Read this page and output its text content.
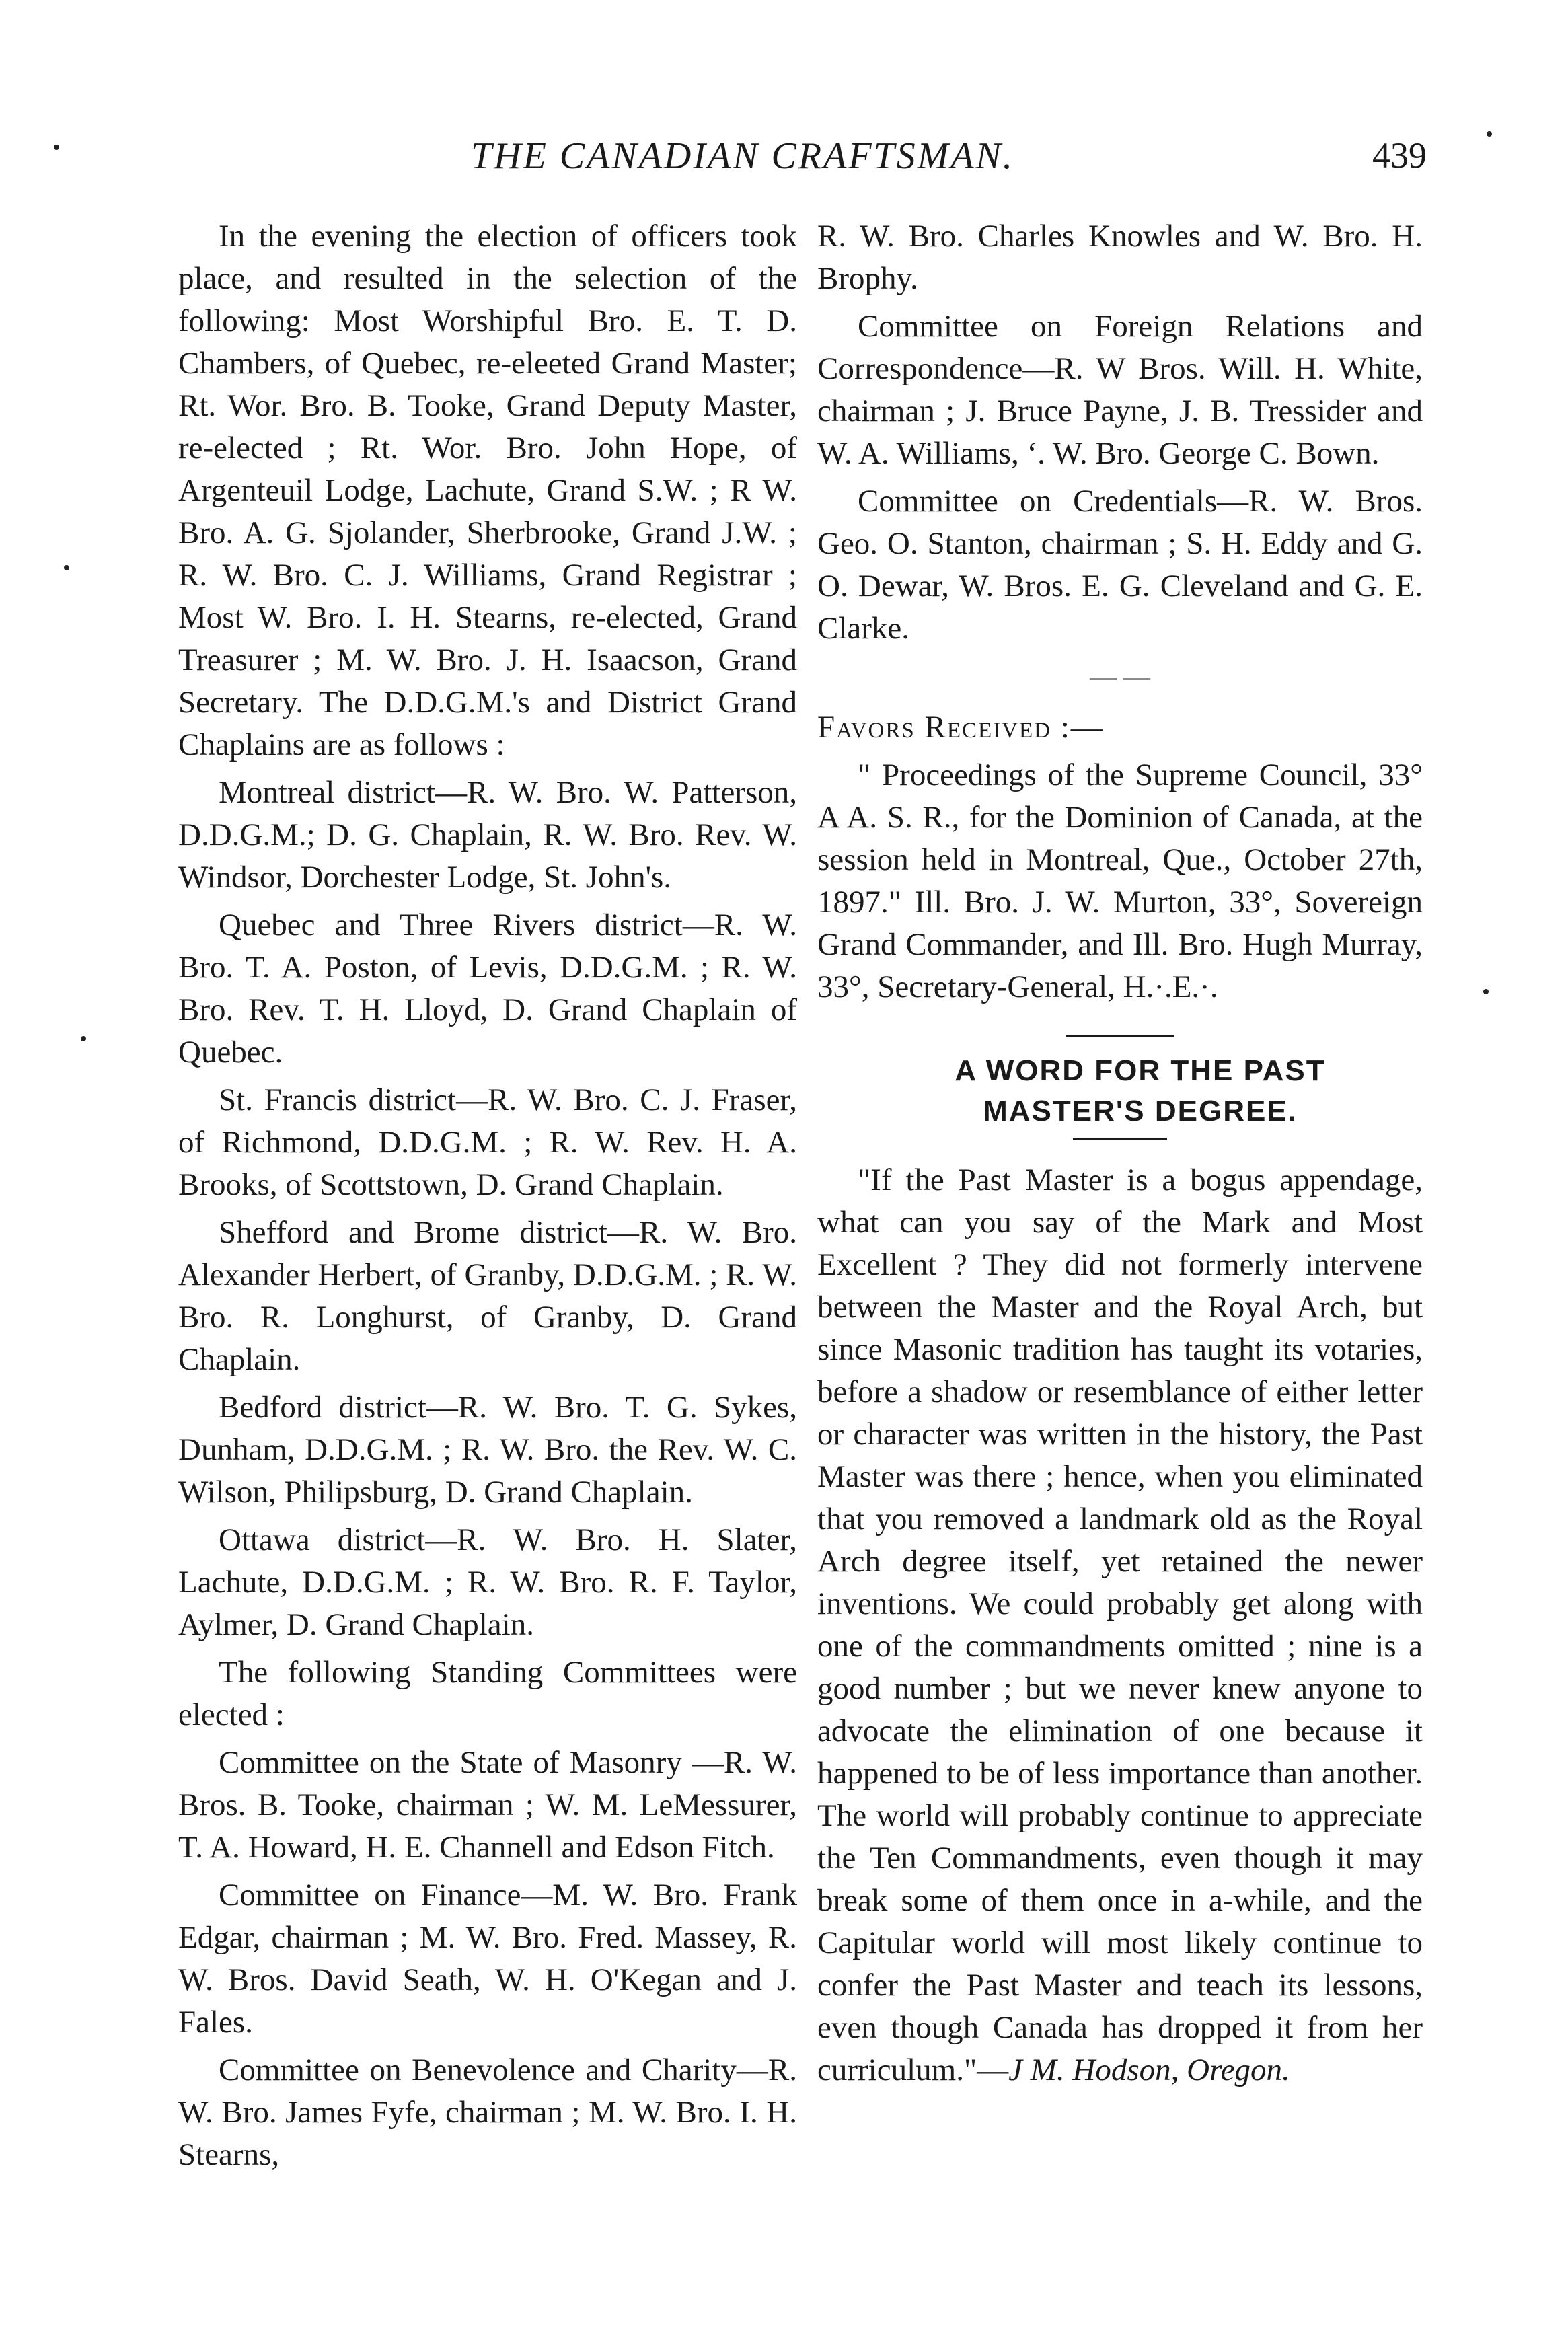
THE CANADIAN CRAFTSMAN.	439

In the evening the election of officers took place, and resulted in the selection of the following: Most Worshipful Bro. E. T. D. Chambers, of Quebec, re-eleeted Grand Master; Rt. Wor. Bro. B. Tooke, Grand Deputy Master, re-elected ; Rt. Wor. Bro. John Hope, of Argenteuil Lodge, Lachute, Grand S.W. ; R W. Bro. A. G. Sjolander, Sherbrooke, Grand J.W. ; R. W. Bro. C. J. Williams, Grand Registrar ; Most W. Bro. I. H. Stearns, re-elected, Grand Treasurer ; M. W. Bro. J. H. Isaacson, Grand Secretary. The D.D.G.M.'s and District Grand Chaplains are as follows :

Montreal district—R. W. Bro. W. Patterson, D.D.G.M.; D. G. Chaplain, R. W. Bro. Rev. W. Windsor, Dorchester Lodge, St. John's.

Quebec and Three Rivers district—R. W. Bro. T. A. Poston, of Levis, D.D.G.M. ; R. W. Bro. Rev. T. H. Lloyd, D. Grand Chaplain of Quebec.

St. Francis district—R. W. Bro. C. J. Fraser, of Richmond, D.D.G.M. ; R. W. Rev. H. A. Brooks, of Scottstown, D. Grand Chaplain.

Shefford and Brome district—R. W. Bro. Alexander Herbert, of Granby, D.D.G.M. ; R. W. Bro. R. Longhurst, of Granby, D. Grand Chaplain.

Bedford district—R. W. Bro. T. G. Sykes, Dunham, D.D.G.M. ; R. W. Bro. the Rev. W. C. Wilson, Philipsburg, D. Grand Chaplain.

Ottawa district—R. W. Bro. H. Slater, Lachute, D.D.G.M. ; R. W. Bro. R. F. Taylor, Aylmer, D. Grand Chaplain.

The following Standing Committees were elected :

Committee on the State of Masonry —R. W. Bros. B. Tooke, chairman ; W. M. LeMessurer, T. A. Howard, H. E. Channell and Edson Fitch.

Committee on Finance—M. W. Bro. Frank Edgar, chairman ; M. W. Bro. Fred. Massey, R. W. Bros. David Seath, W. H. O'Kegan and J. Fales.

Committee on Benevolence and Charity—R. W. Bro. James Fyfe, chairman ; M. W. Bro. I. H. Stearns,

R. W. Bro. Charles Knowles and W. Bro. H. Brophy.

Committee on Foreign Relations and Correspondence—R. W Bros. Will. H. White, chairman ; J. Bruce Payne, J. B. Tressider and W. A. Williams, ʻ. W. Bro. George C. Bown.

Committee on Credentials—R. W. Bros. Geo. O. Stanton, chairman ; S. H. Eddy and G. O. Dewar, W. Bros. E. G. Cleveland and G. E. Clarke.

— —

Favors Received :—

" Proceedings of the Supreme Council, 33° A A. S. R., for the Dominion of Canada, at the session held in Montreal, Que., October 27th, 1897." Ill. Bro. J. W. Murton, 33°, Sovereign Grand Commander, and Ill. Bro. Hugh Murray, 33°, Secretary-General, H.·.E.·.

A WORD FOR THE PAST

MASTER'S DEGREE.

"If the Past Master is a bogus appendage, what can you say of the Mark and Most Excellent ? They did not formerly intervene between the Master and the Royal Arch, but since Masonic tradition has taught its votaries, before a shadow or resemblance of either letter or character was written in the history, the Past Master was there ; hence, when you eliminated that you removed a landmark old as the Royal Arch degree itself, yet retained the newer inventions. We could probably get along with one of the commandments omitted ; nine is a good number ; but we never knew anyone to advocate the elimination of one because it happened to be of less importance than another. The world will probably continue to appreciate the Ten Commandments, even though it may break some of them once in a-while, and the Capitular world will most likely continue to confer the Past Master and teach its lessons, even though Canada has dropped it from her curriculum."—J M. Hodson, Oregon.
